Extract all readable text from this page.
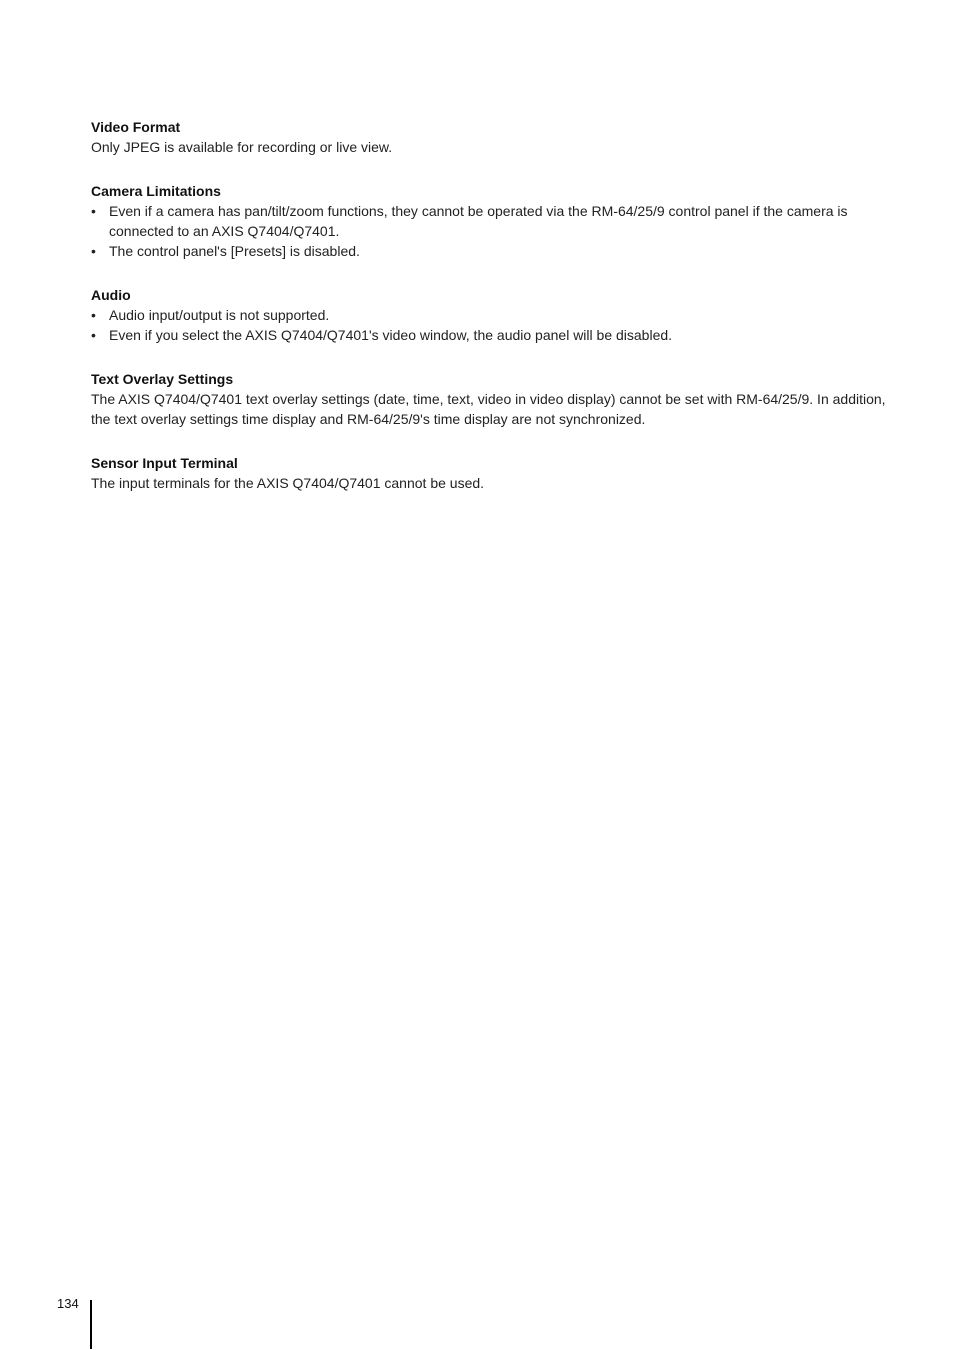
Video Format

Only JPEG is available for recording or live view.

Camera Limitations

• Even if a camera has pan/tilt/zoom functions, they cannot be operated via the RM-64/25/9 control panel if the camera is connected to an AXIS Q7404/Q7401.
• The control panel's [Presets] is disabled.

Audio

• Audio input/output is not supported.
• Even if you select the AXIS Q7404/Q7401's video window, the audio panel will be disabled.

Text Overlay Settings

The AXIS Q7404/Q7401 text overlay settings (date, time, text, video in video display) cannot be set with RM-64/25/9. In addition, the text overlay settings time display and RM-64/25/9's time display are not synchronized.

Sensor Input Terminal

The input terminals for the AXIS Q7404/Q7401 cannot be used.

134
